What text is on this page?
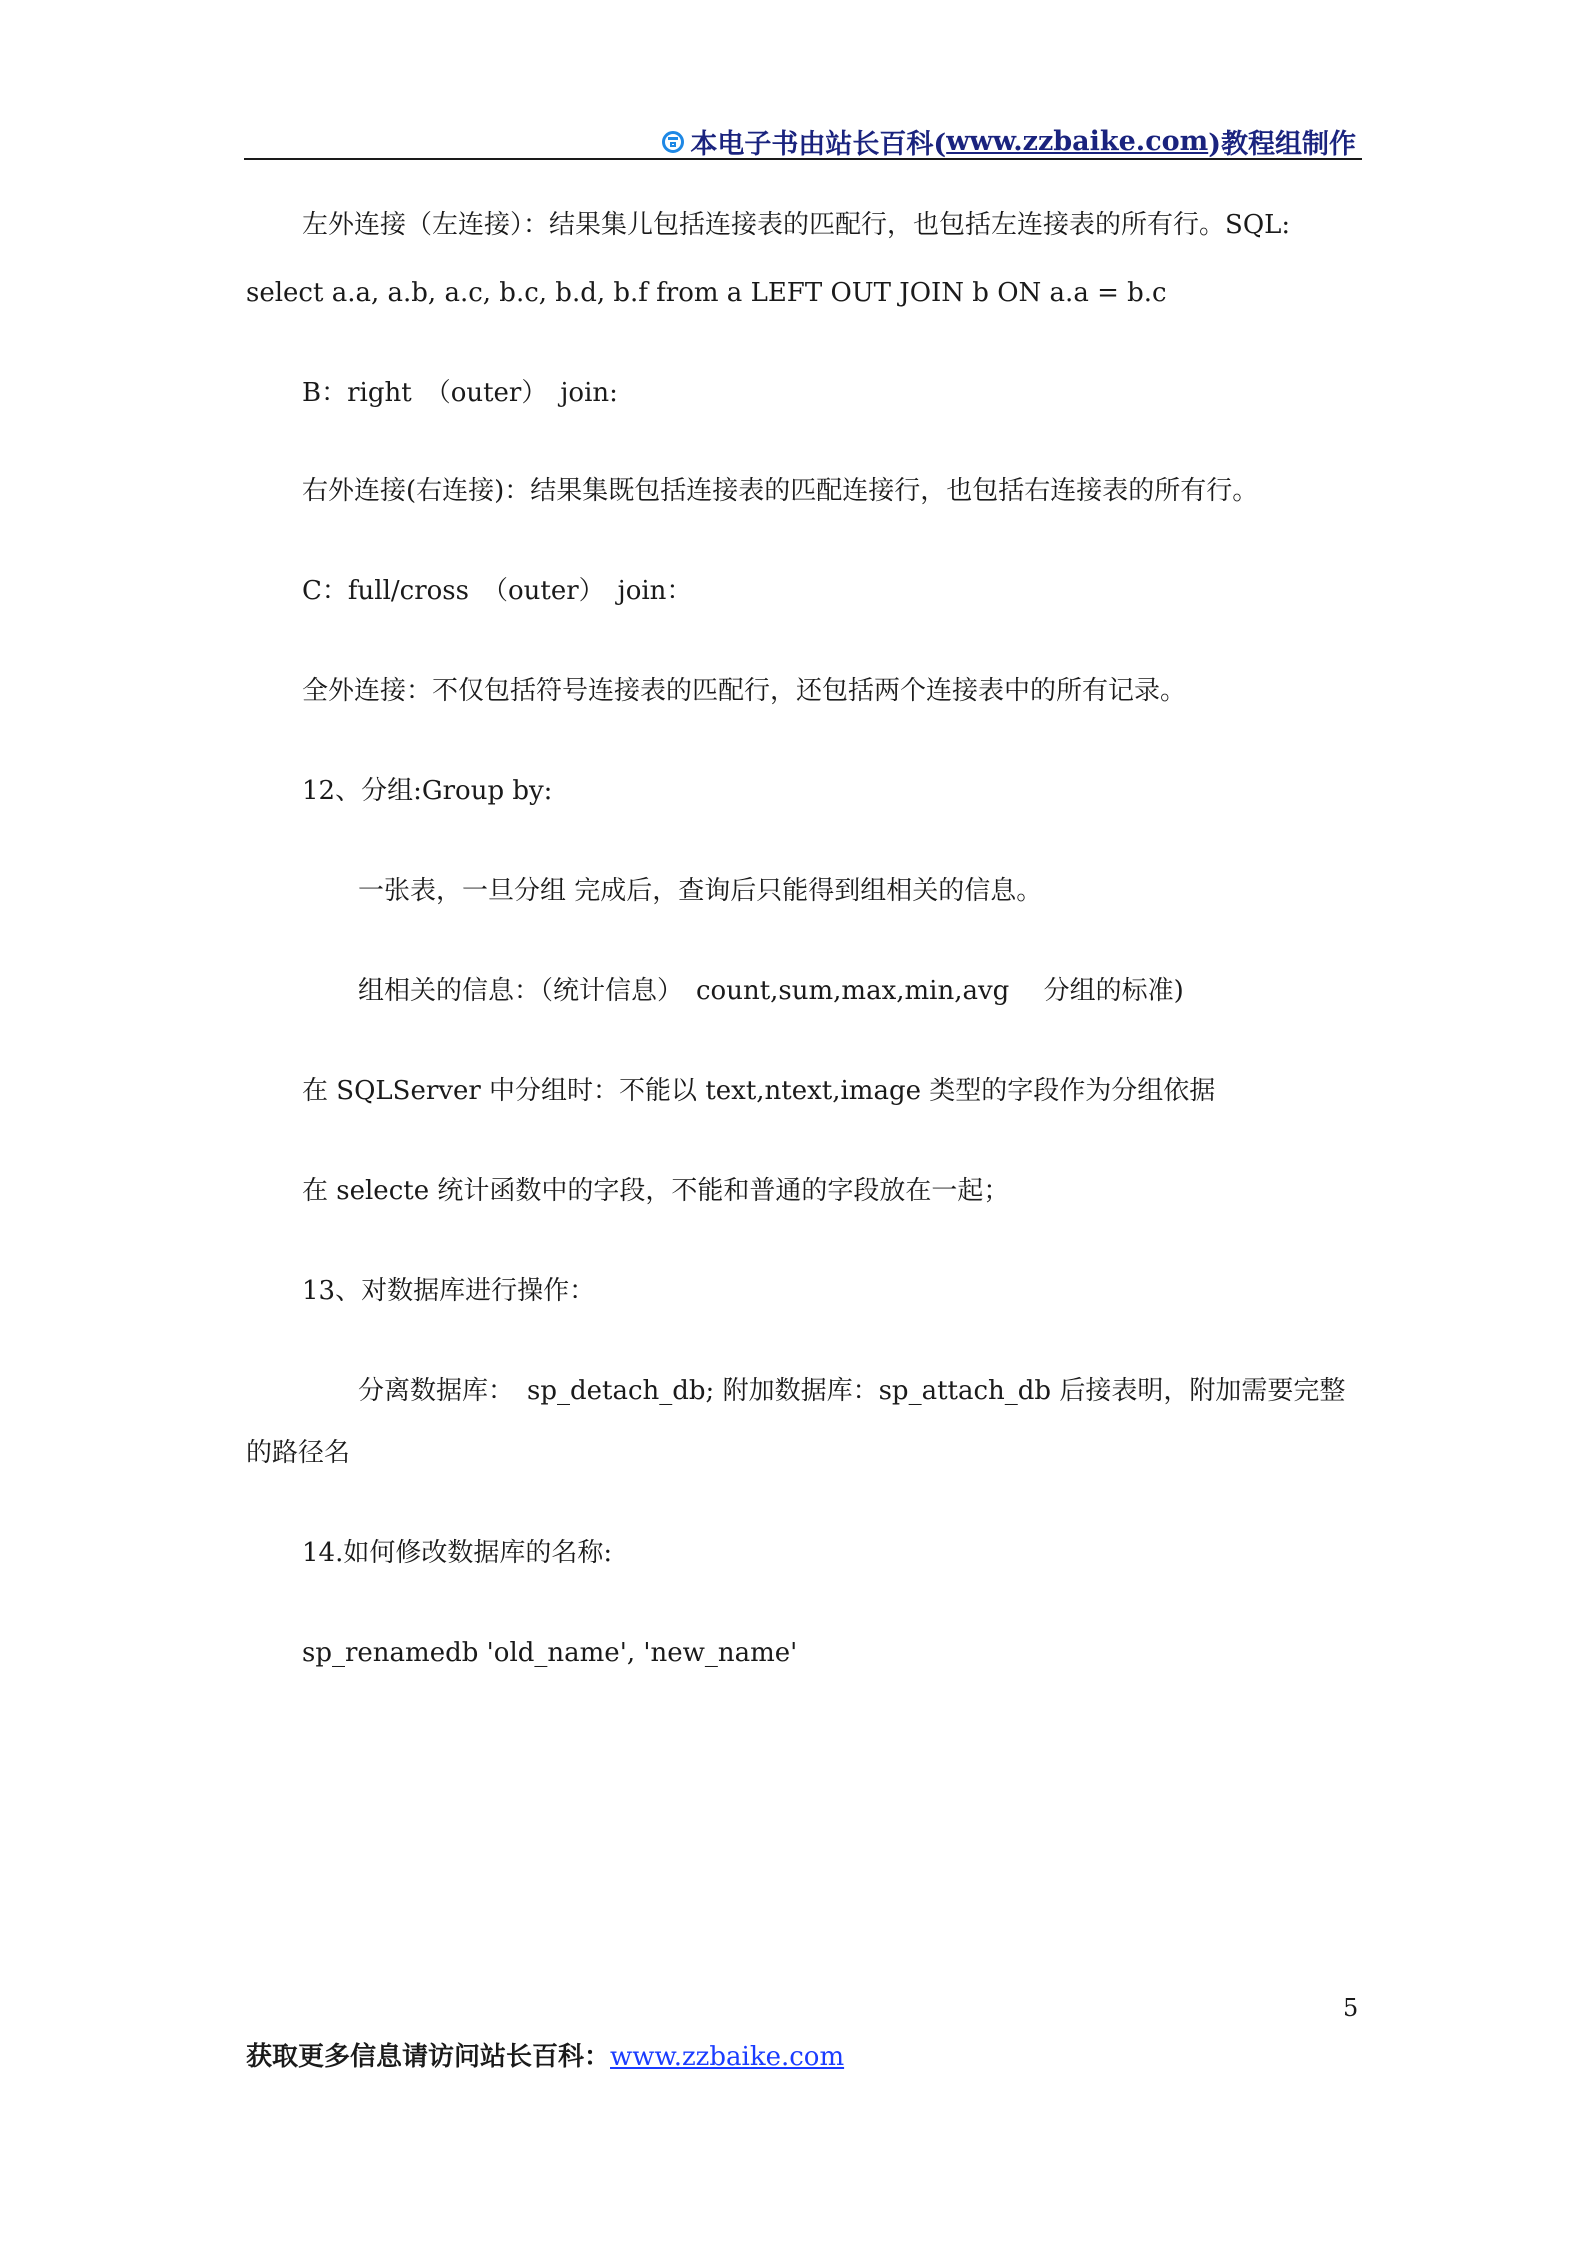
本电子书由站长百科( www.zzbaike.com )教程组制作
左外连接（左连接）：结果集儿包括连接表的匹配行，也包括左连接表的所有行。SQL:
select a.a, a.b, a.c, b.c, b.d, b.f from a LEFT OUT JOIN b ON a.a = b.c
B：right　（outer）　join:
右外连接(右连接)：结果集既包括连接表的匹配连接行，也包括右连接表的所有行。
C：full/cross　（outer）　join：
全外连接：不仅包括符号连接表的匹配行，还包括两个连接表中的所有记录。
12、分组:Group by:
一张表，一旦分组 完成后，查询后只能得到组相关的信息。
组相关的信息：（统计信息）　count,sum,max,min,avg　 分组的标准)
在 SQLServer 中分组时：不能以 text,ntext,image 类型的字段作为分组依据
在 selecte 统计函数中的字段，不能和普通的字段放在一起；
13、对数据库进行操作：
分离数据库：　sp_detach_db; 附加数据库：sp_attach_db 后接表明，附加需要完整
的路径名
14.如何修改数据库的名称:
sp_renamedb 'old_name', 'new_name'
5
获取更多信息请访问站长百科：www.zzbaike.com
